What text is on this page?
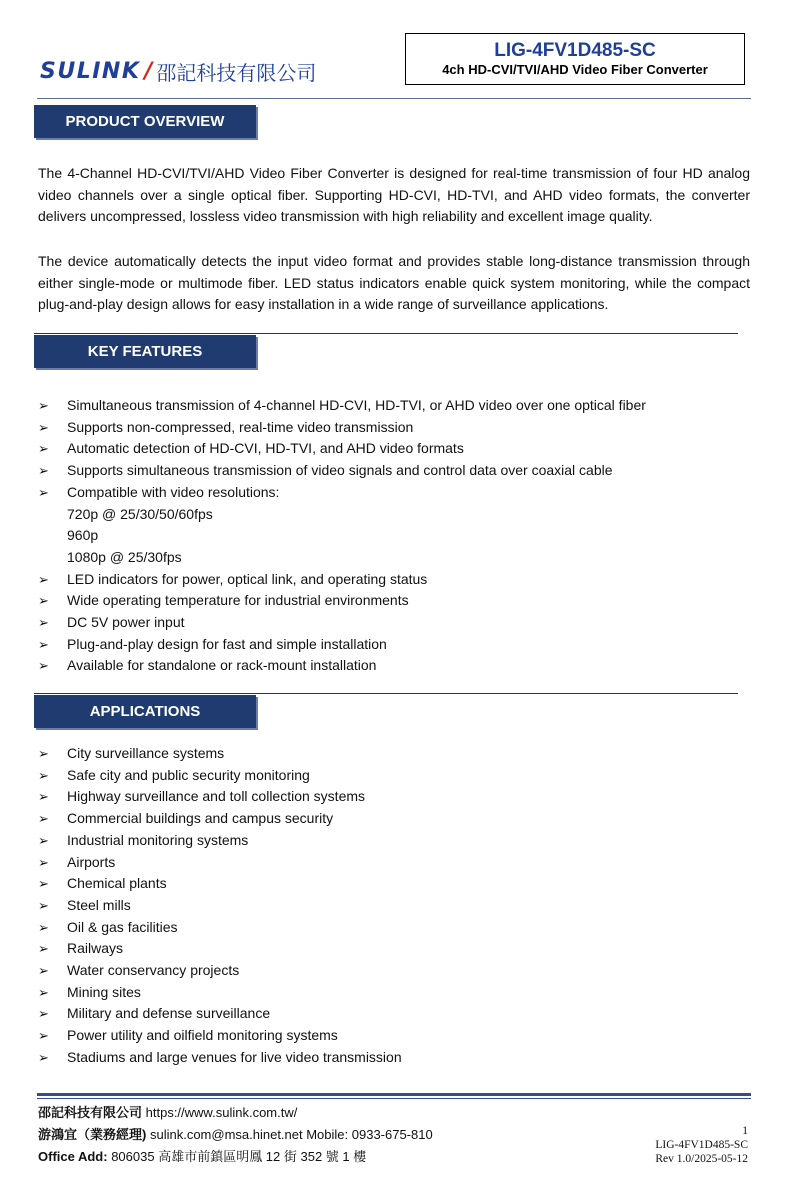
SULINK / 邵記科技有限公司
LIG-4FV1D485-SC
4ch HD-CVI/TVI/AHD Video Fiber Converter
PRODUCT OVERVIEW
The 4-Channel HD-CVI/TVI/AHD Video Fiber Converter is designed for real-time transmission of four HD analog video channels over a single optical fiber. Supporting HD-CVI, HD-TVI, and AHD video formats, the converter delivers uncompressed, lossless video transmission with high reliability and excellent image quality.
The device automatically detects the input video format and provides stable long-distance transmission through either single-mode or multimode fiber. LED status indicators enable quick system monitoring, while the compact plug-and-play design allows for easy installation in a wide range of surveillance applications.
KEY FEATURES
➢ Simultaneous transmission of 4-channel HD-CVI, HD-TVI, or AHD video over one optical fiber
➢ Supports non-compressed, real-time video transmission
➢ Automatic detection of HD-CVI, HD-TVI, and AHD video formats
➢ Supports simultaneous transmission of video signals and control data over coaxial cable
➢ Compatible with video resolutions:
720p @ 25/30/50/60fps
960p
1080p @ 25/30fps
➢ LED indicators for power, optical link, and operating status
➢ Wide operating temperature for industrial environments
➢ DC 5V power input
➢ Plug-and-play design for fast and simple installation
➢ Available for standalone or rack-mount installation
APPLICATIONS
➢ City surveillance systems
➢ Safe city and public security monitoring
➢ Highway surveillance and toll collection systems
➢ Commercial buildings and campus security
➢ Industrial monitoring systems
➢ Airports
➢ Chemical plants
➢ Steel mills
➢ Oil & gas facilities
➢ Railways
➢ Water conservancy projects
➢ Mining sites
➢ Military and defense surveillance
➢ Power utility and oilfield monitoring systems
➢ Stadiums and large venues for live video transmission
邵記科技有限公司 https://www.sulink.com.tw/
游鴻宜（業務經理) sulink.com@msa.hinet.net Mobile: 0933-675-810
Office Add: 806035 高雄市前鎮區明鳳 12 街 352 號 1 樓
1
LIG-4FV1D485-SC
Rev 1.0/2025-05-12
